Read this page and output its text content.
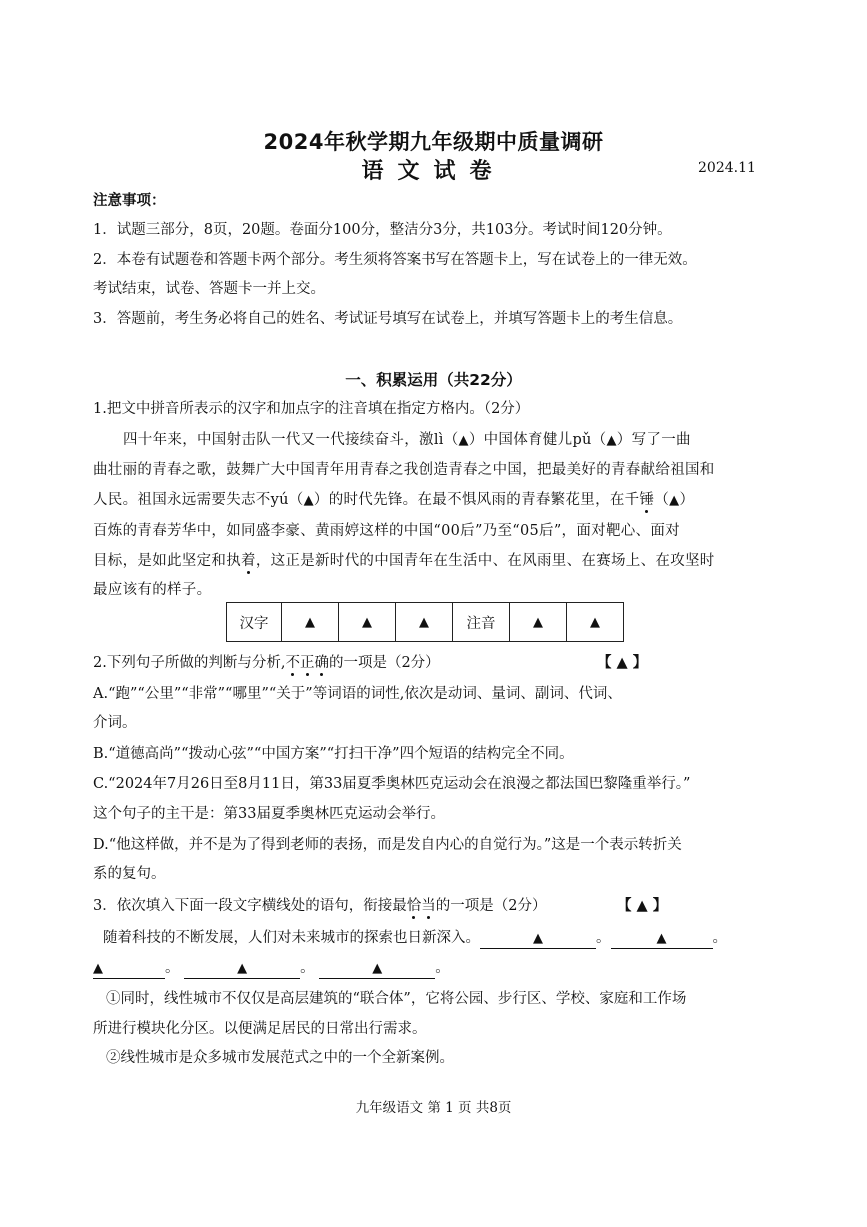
2024年秋学期九年级期中质量调研
语文试卷	2024.11
注意事项：
1．试题三部分，8页，20题。卷面分100分，整洁分3分，共103分。考试时间120分钟。
2．本卷有试题卷和答题卡两个部分。考生须将答案书写在答题卡上，写在试卷上的一律无效。
考试结束，试卷、答题卡一并上交。
3．答题前，考生务必将自己的姓名、考试证号填写在试卷上，并填写答题卡上的考生信息。
一、积累运用（共22分）
1.把文中拼音所表示的汉字和加点字的注音填在指定方格内。（2分）
四十年来，中国射击队一代又一代接续奋斗，激lì（▲）中国体育健儿pǔ（▲）写了一曲
曲壮丽的青春之歌，鼓舞广大中国青年用青春之我创造青春之中国，把最美好的青春献给祖国和
人民。祖国永远需要失志不yú（▲）的时代先锋。在最不惧风雨的青春繁花里，在千锤（▲）
百炼的青春芳华中，如同盛李豪、黄雨婷这样的中国“00后”乃至“05后”，面对靶心、面对
目标，是如此坚定和执着，这正是新时代的中国青年在生活中、在风雨里、在赛场上、在攻坚时
最应该有的样子。
汉字	▲	▲	▲	注音	▲	▲
2.下列句子所做的判断与分析,不正确的一项是（2分）	【 ▲ 】
A.“跑”“公里”“非常”“哪里”“关于”等词语的词性,依次是动词、量词、副词、代词、
介词。
B.“道德高尚”“拨动心弦”“中国方案”“打扫干净”四个短语的结构完全不同。
C.“2024年7月26日至8月11日，第33届夏季奥林匹克运动会在浪漫之都法国巴黎隆重举行。”
这个句子的主干是：第33届夏季奥林匹克运动会举行。
D.“他这样做，并不是为了得到老师的表扬，而是发自内心的自觉行为。”这是一个表示转折关
系的复句。
3．依次填入下面一段文字横线处的语句，衔接最恰当的一项是（2分）	【 ▲ 】
随着科技的不断发展，人们对未来城市的探索也日新深入。	▲	。	▲	。
▲	。	▲	。	▲	。
①同时，线性城市不仅仅是高层建筑的“联合体”，它将公园、步行区、学校、家庭和工作场
所进行模块化分区。以便满足居民的日常出行需求。
②线性城市是众多城市发展范式之中的一个全新案例。
九年级语文 第 1 页 共8页
